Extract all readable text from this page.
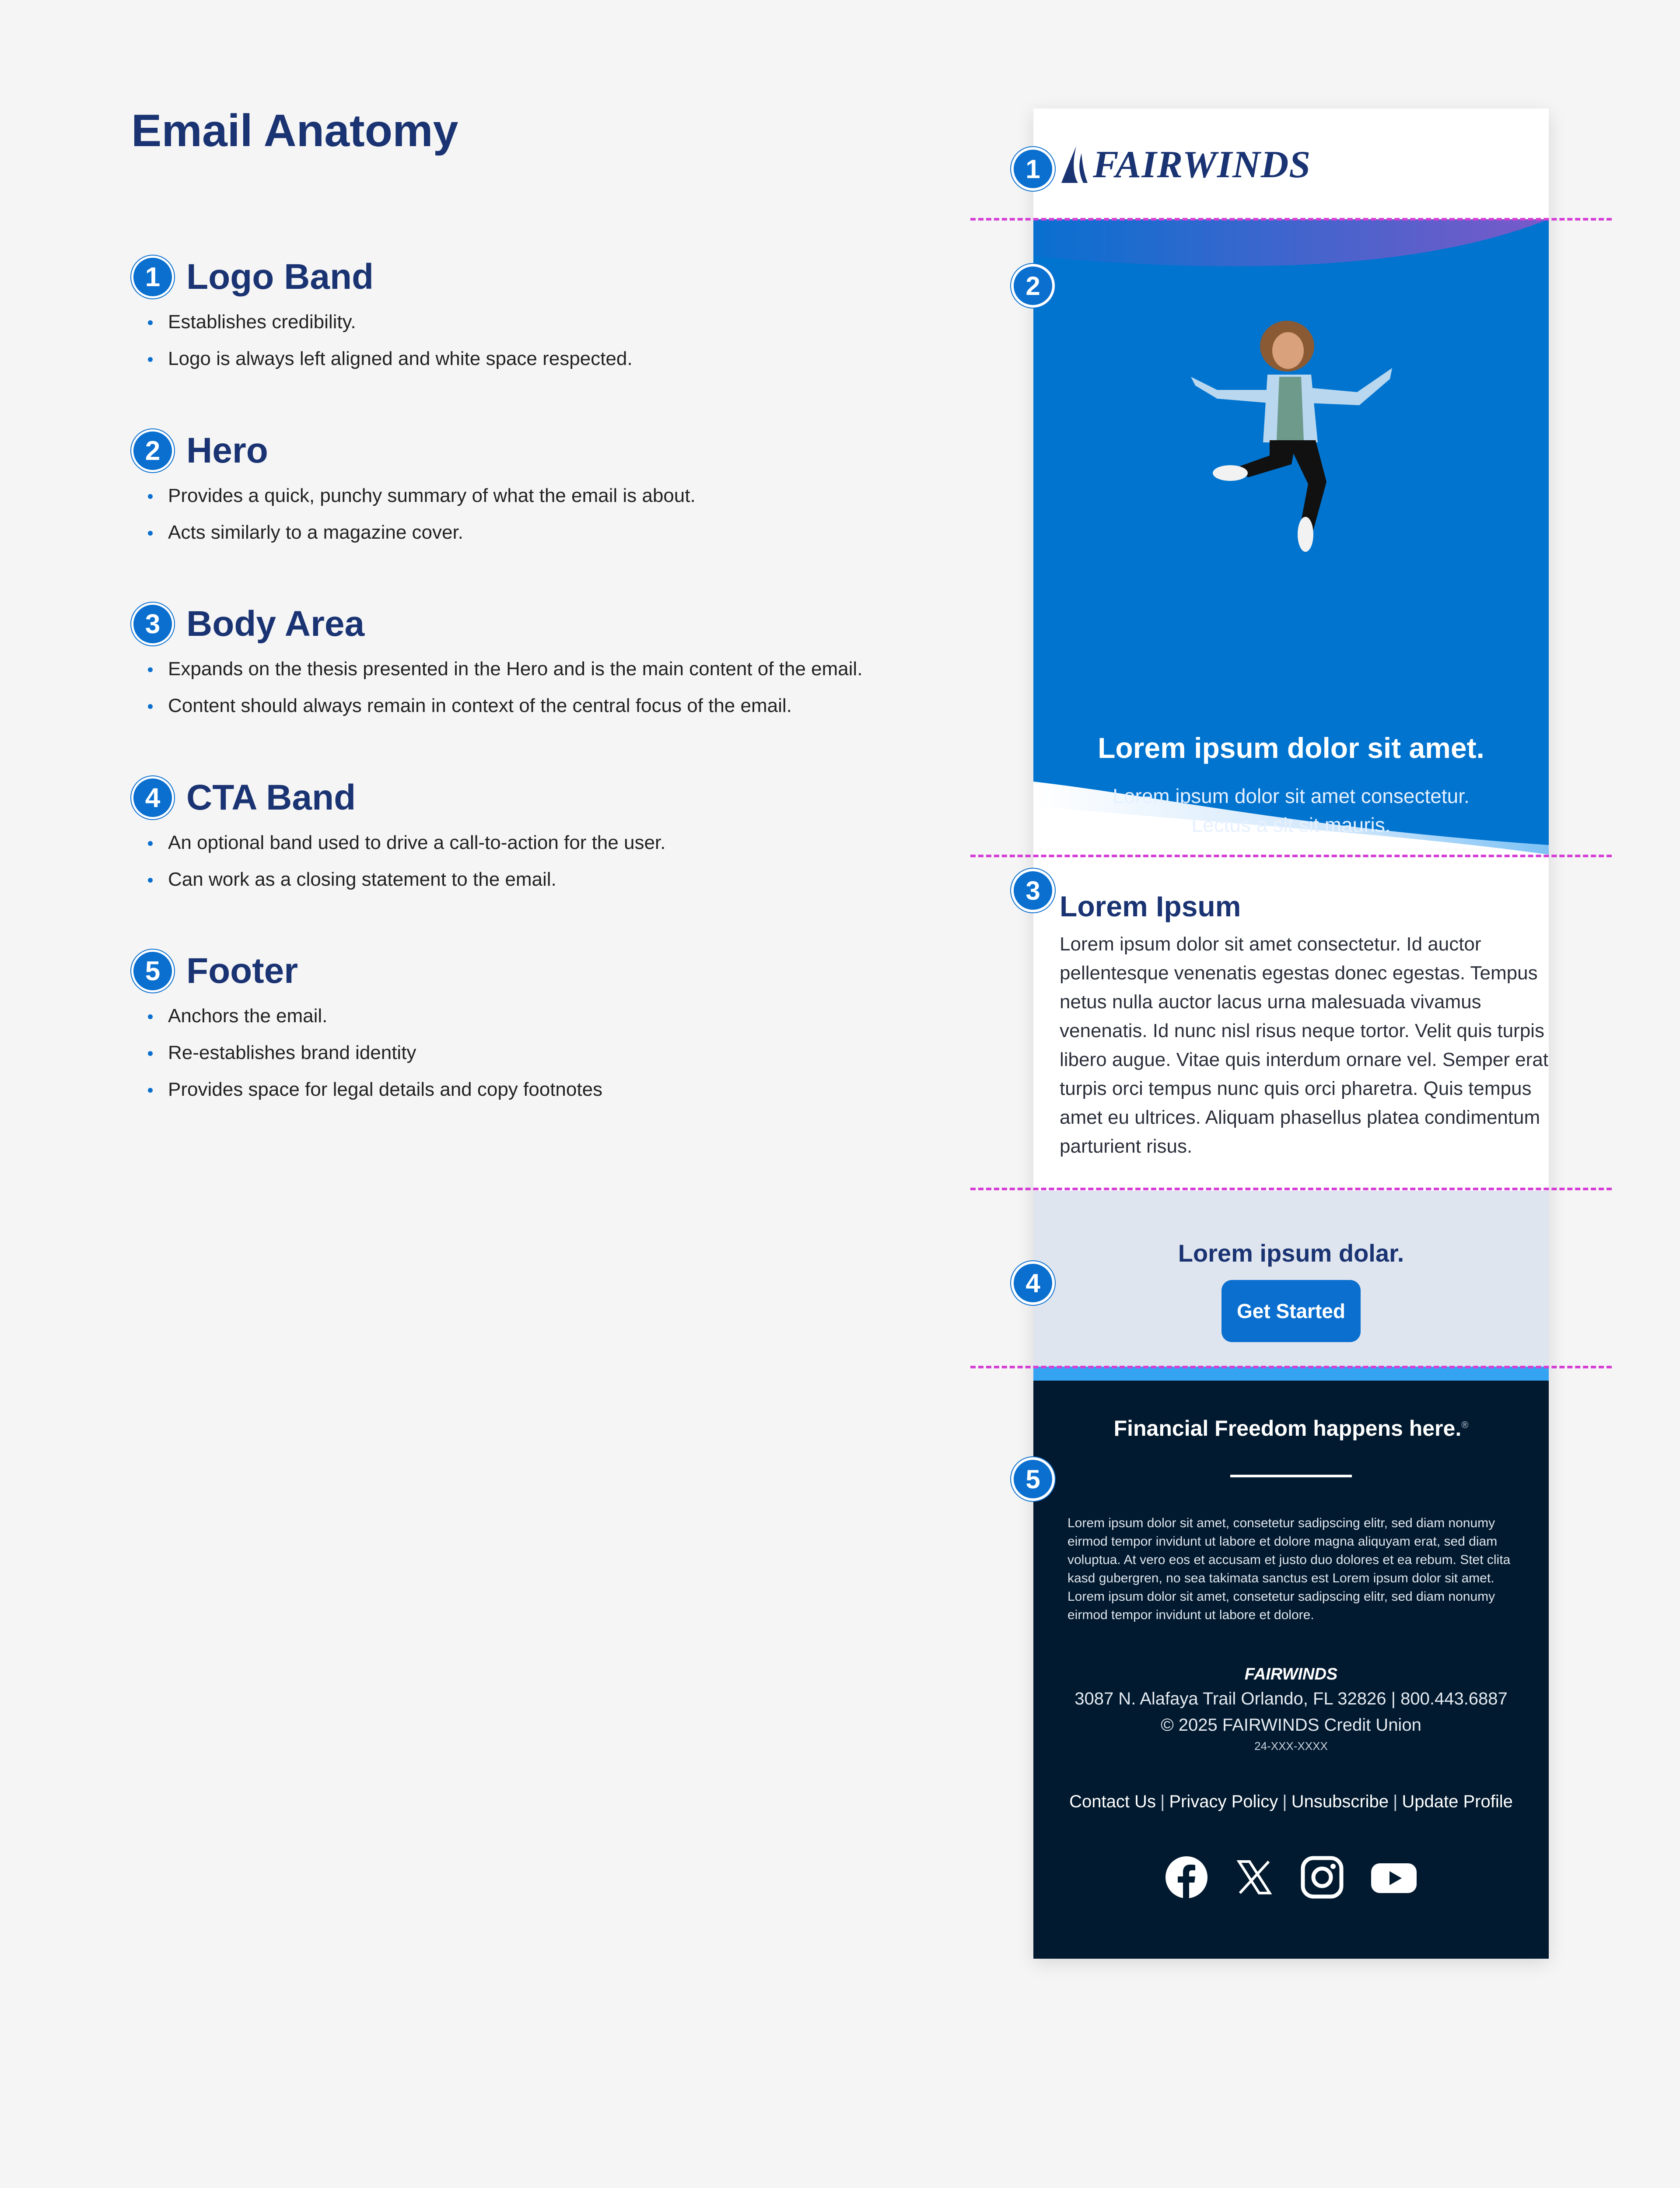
Email Anatomy
1 Logo Band
Establishes credibility.
Logo is always left aligned and white space respected.
2 Hero
Provides a quick, punchy summary of what the email is about.
Acts similarly to a magazine cover.
3 Body Area
Expands on the thesis presented in the Hero and is the main content of the email.
Content should always remain in context of the central focus of the email.
4 CTA Band
An optional band used to drive a call-to-action for the user.
Can work as a closing statement to the email.
5 Footer
Anchors the email.
Re-establishes brand identity
Provides space for legal details and copy footnotes
FAIRWINDS
Lorem ipsum dolor sit amet.
Lorem ipsum dolor sit amet consectetur.
Lectus a sit sit mauris.
Lorem Ipsum
Lorem ipsum dolor sit amet consectetur. Id auctor
pellentesque venenatis egestas donec egestas. Tempus
netus nulla auctor lacus urna malesuada vivamus
venenatis. Id nunc nisl risus neque tortor. Velit quis turpis
libero augue. Vitae quis interdum ornare vel. Semper erat
turpis orci tempus nunc quis orci pharetra. Quis tempus
amet eu ultrices. Aliquam phasellus platea condimentum
parturient risus.
Lorem ipsum dolar.
Get Started
Financial Freedom happens here.®
Lorem ipsum dolor sit amet, consetetur sadipscing elitr, sed diam nonumy eirmod tempor invidunt ut labore et dolore magna aliquyam erat, sed diam voluptua. At vero eos et accusam et justo duo dolores et ea rebum. Stet clita kasd gubergren, no sea takimata sanctus est Lorem ipsum dolor sit amet. Lorem ipsum dolor sit amet, consetetur sadipscing elitr, sed diam nonumy eirmod tempor invidunt ut labore et dolore.
FAIRWINDS
3087 N. Alafaya Trail Orlando, FL 32826 | 800.443.6887
© 2025 FAIRWINDS Credit Union
24-XXX-XXXX
Contact Us | Privacy Policy | Unsubscribe | Update Profile
1
2
3
4
5
